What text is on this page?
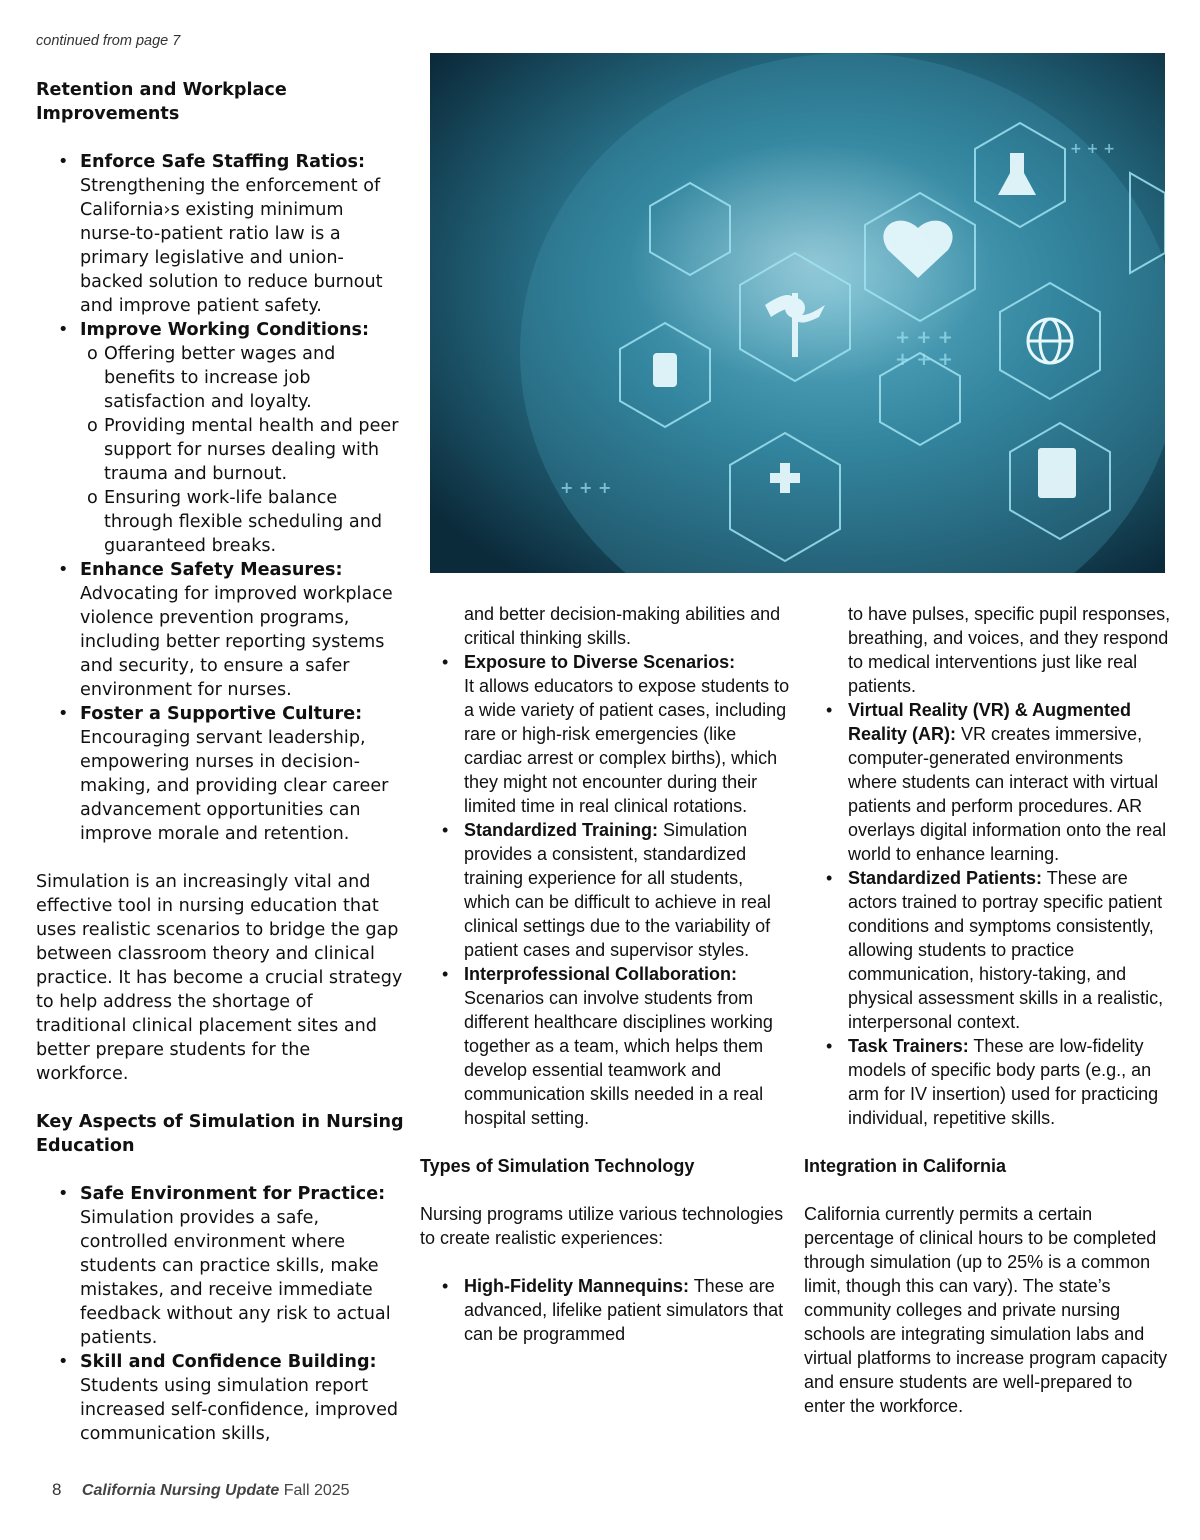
continued from page 7

Retention and Workplace Improvements

• Enforce Safe Staffing Ratios:
Strengthening the enforcement of California›s existing minimum nurse-to-patient ratio law is a primary legislative and union-backed solution to reduce burnout and improve patient safety.
• Improve Working Conditions:
o Offering better wages and benefits to increase job satisfaction and loyalty.
o Providing mental health and peer support for nurses dealing with trauma and burnout.
o Ensuring work-life balance through flexible scheduling and guaranteed breaks.
• Enhance Safety Measures:
Advocating for improved workplace violence prevention programs, including better reporting systems and security, to ensure a safer environment for nurses.
• Foster a Supportive Culture:
Encouraging servant leadership, empowering nurses in decision-making, and providing clear career advancement opportunities can improve morale and retention.

Simulation is an increasingly vital and effective tool in nursing education that uses realistic scenarios to bridge the gap between classroom theory and clinical practice. It has become a crucial strategy to help address the shortage of traditional clinical placement sites and better prepare students for the workforce.

Key Aspects of Simulation in Nursing Education

• Safe Environment for Practice:
Simulation provides a safe, controlled environment where students can practice skills, make mistakes, and receive immediate feedback without any risk to actual patients.
• Skill and Confidence Building:
Students using simulation report increased self-confidence, improved communication skills,
+ + +
+ + +
+ + +
+ + +
and better decision-making abilities and critical thinking skills.
• Exposure to Diverse Scenarios:
It allows educators to expose students to a wide variety of patient cases, including rare or high-risk emergencies (like cardiac arrest or complex births), which they might not encounter during their limited time in real clinical rotations.
• Standardized Training: Simulation provides a consistent, standardized training experience for all students, which can be difficult to achieve in real clinical settings due to the variability of patient cases and supervisor styles.
• Interprofessional Collaboration:
Scenarios can involve students from different healthcare disciplines working together as a team, which helps them develop essential teamwork and communication skills needed in a real hospital setting.

Types of Simulation Technology

Nursing programs utilize various technologies to create realistic experiences:

• High-Fidelity Mannequins: These are advanced, lifelike patient simulators that can be programmed
to have pulses, specific pupil responses, breathing, and voices, and they respond to medical interventions just like real patients.
• Virtual Reality (VR) & Augmented Reality (AR): VR creates immersive, computer-generated environments where students can interact with virtual patients and perform procedures. AR overlays digital information onto the real world to enhance learning.
• Standardized Patients: These are actors trained to portray specific patient conditions and symptoms consistently, allowing students to practice communication, history-taking, and physical assessment skills in a realistic, interpersonal context.
• Task Trainers: These are low-fidelity models of specific body parts (e.g., an arm for IV insertion) used for practicing individual, repetitive skills.

Integration in California

California currently permits a certain percentage of clinical hours to be completed through simulation (up to 25% is a common limit, though this can vary). The state’s community colleges and private nursing schools are integrating simulation labs and virtual platforms to increase program capacity and ensure students are well-prepared to enter the workforce.

8 California Nursing Update Fall 2025
